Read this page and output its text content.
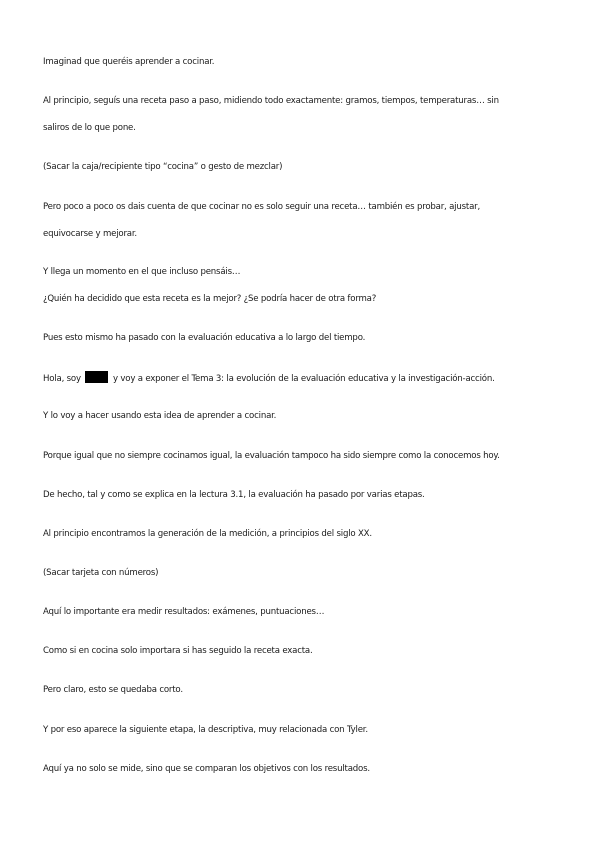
Imaginad que queréis aprender a cocinar.

Al principio, seguís una receta paso a paso, midiendo todo exactamente: gramos, tiempos, temperaturas… sin

saliros de lo que pone.

(Sacar la caja/recipiente tipo “cocina” o gesto de mezclar)

Pero poco a poco os dais cuenta de que cocinar no es solo seguir una receta… también es probar, ajustar,

equivocarse y mejorar.

Y llega un momento en el que incluso pensáis…

¿Quién ha decidido que esta receta es la mejor? ¿Se podría hacer de otra forma?

Pues esto mismo ha pasado con la evaluación educativa a lo largo del tiempo.

Hola, soy	y voy a exponer el Tema 3: la evolución de la evaluación educativa y la investigación-acción.

Y lo voy a hacer usando esta idea de aprender a cocinar.

Porque igual que no siempre cocinamos igual, la evaluación tampoco ha sido siempre como la conocemos hoy.

De hecho, tal y como se explica en la lectura 3.1, la evaluación ha pasado por varias etapas.

Al principio encontramos la generación de la medición, a principios del siglo XX.

(Sacar tarjeta con números)

Aquí lo importante era medir resultados: exámenes, puntuaciones…

Como si en cocina solo importara si has seguido la receta exacta.

Pero claro, esto se quedaba corto.

Y por eso aparece la siguiente etapa, la descriptiva, muy relacionada con Tyler.

Aquí ya no solo se mide, sino que se comparan los objetivos con los resultados.
